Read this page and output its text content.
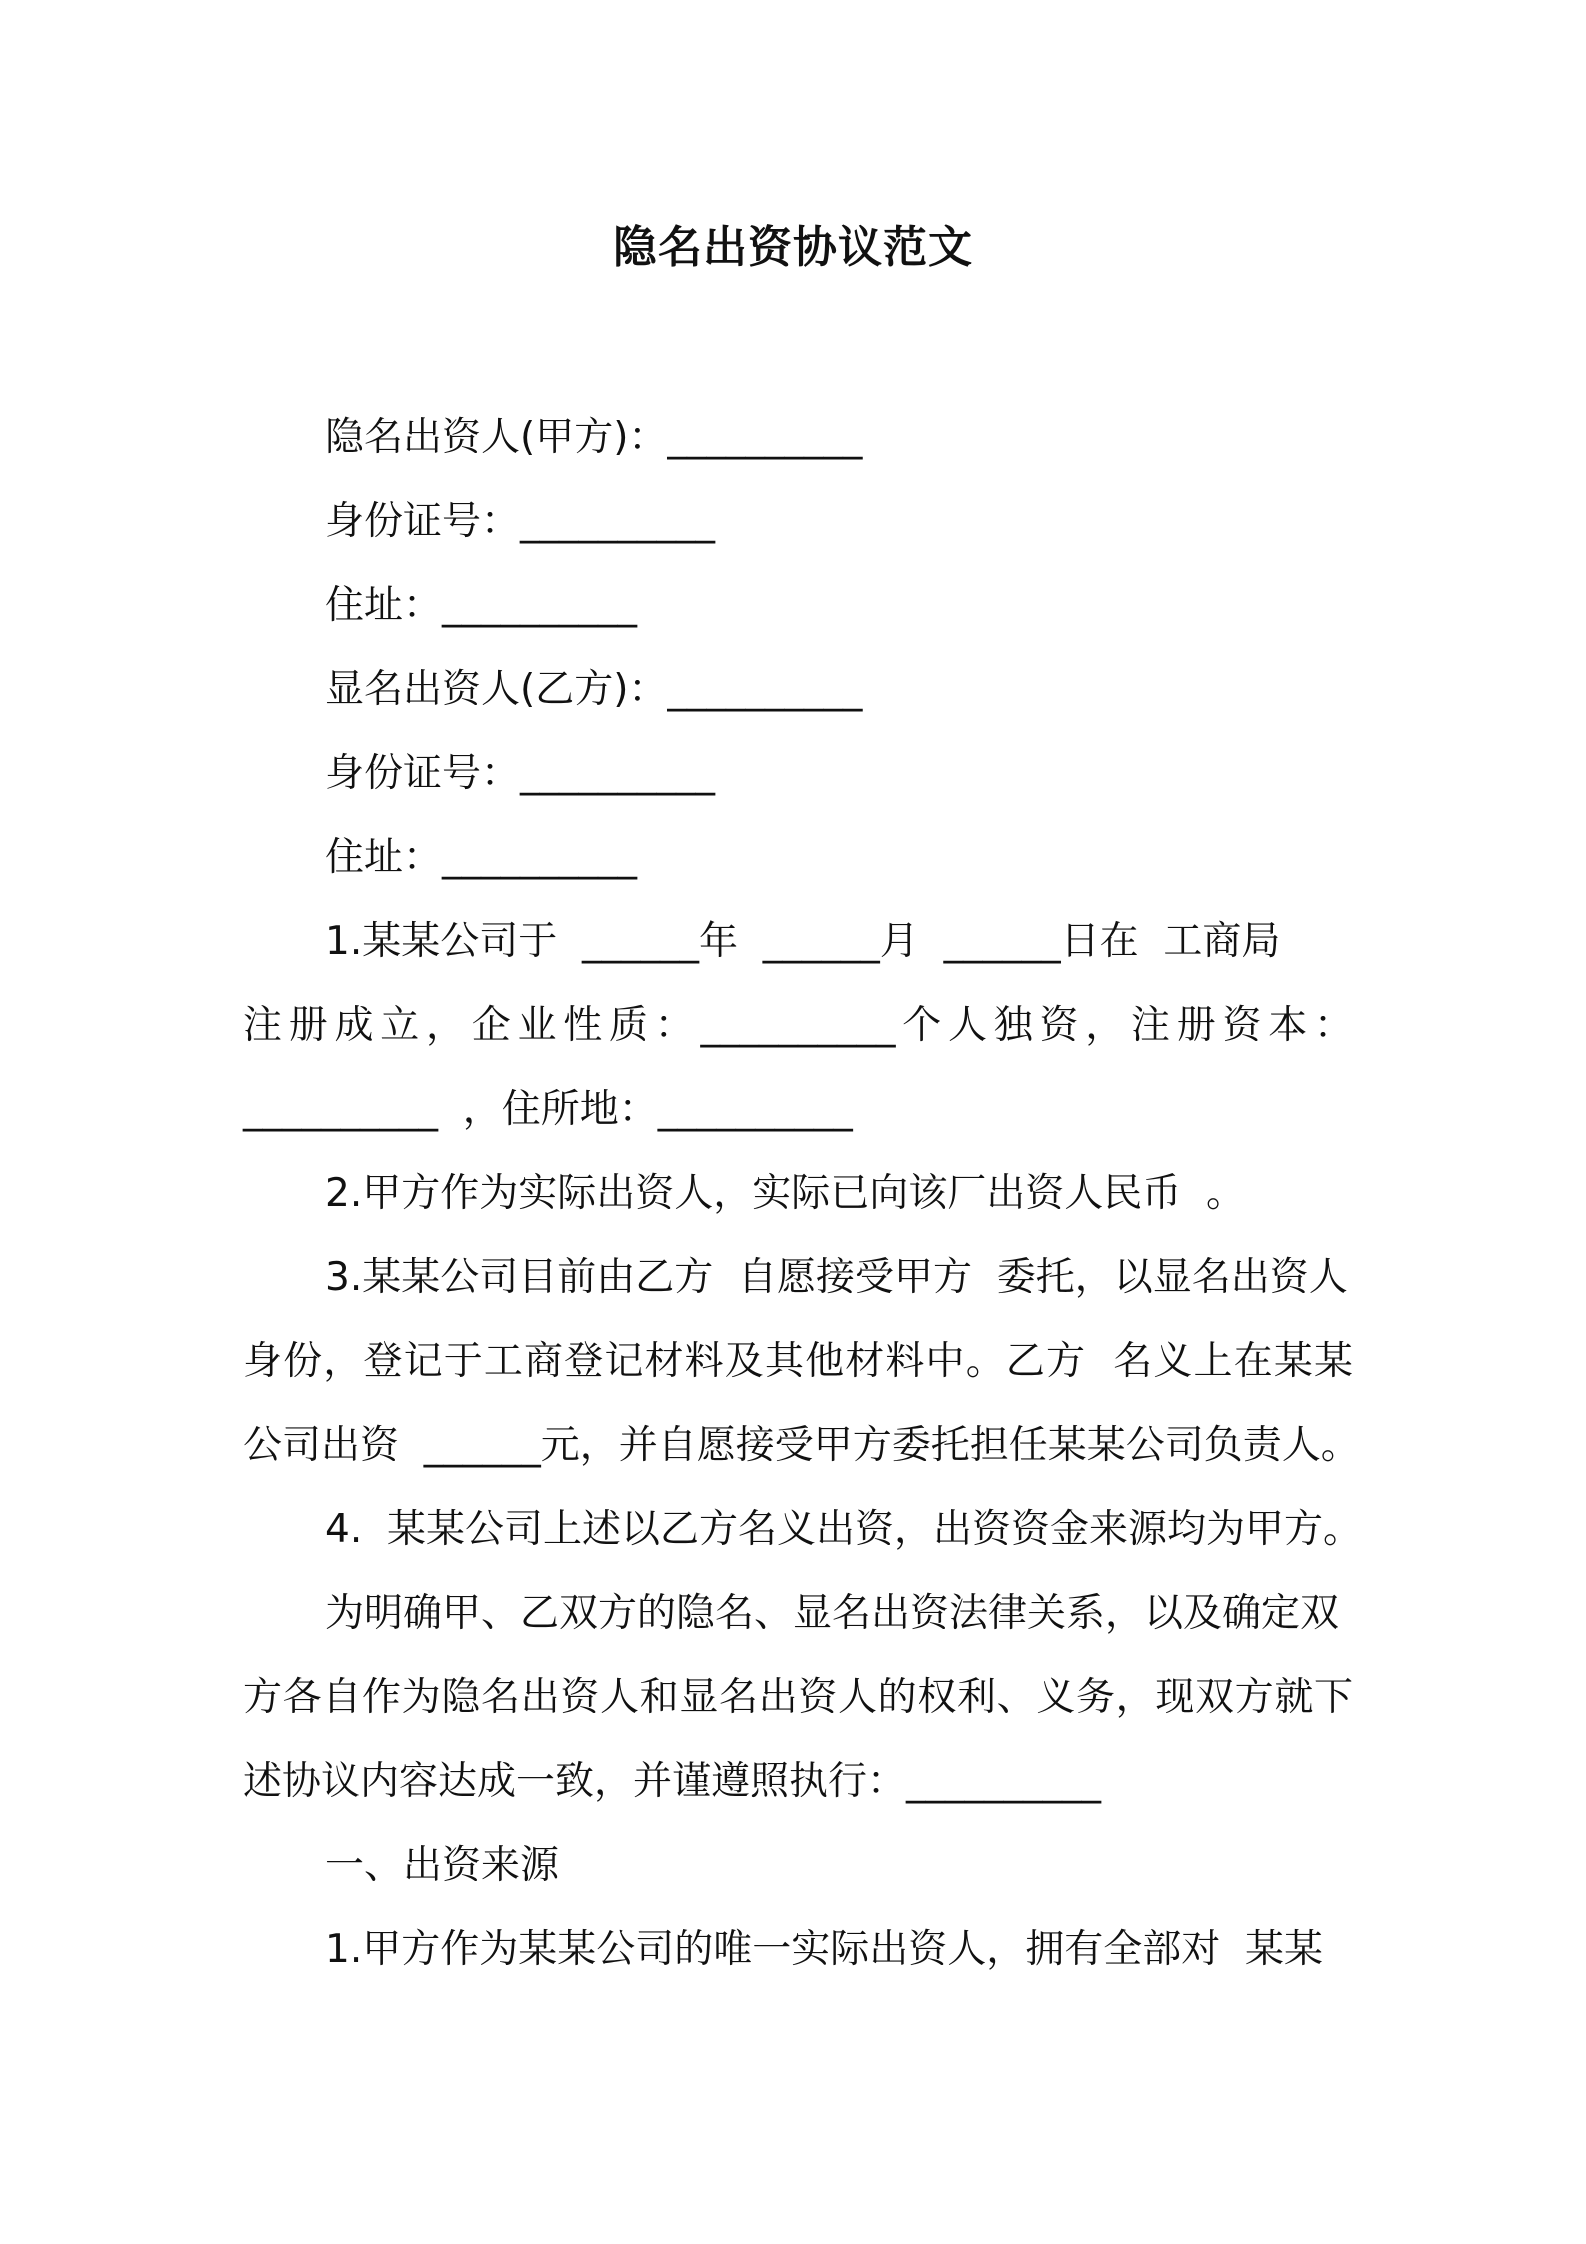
隐名出资协议范文
隐名出资人(甲方)：__________
身份证号：__________
住址：__________
显名出资人(乙方)：__________
身份证号：__________
住址：__________
1.某某公司于  ______年  ______月  ______日在  工商局
注册成立，企业性质：__________个人独资，注册资本：
__________  ，住所地：__________
2.甲方作为实际出资人，实际已向该厂出资人民币  。
3.某某公司目前由乙方  自愿接受甲方  委托，以显名出资人
身份，登记于工商登记材料及其他材料中。乙方  名义上在某某
公司出资  ______元，并自愿接受甲方委托担任某某公司负责人。
4.  某某公司上述以乙方名义出资，出资资金来源均为甲方。
为明确甲、乙双方的隐名、显名出资法律关系，以及确定双
方各自作为隐名出资人和显名出资人的权利、义务，现双方就下
述协议内容达成一致，并谨遵照执行：__________
一、出资来源
1.甲方作为某某公司的唯一实际出资人，拥有全部对  某某
